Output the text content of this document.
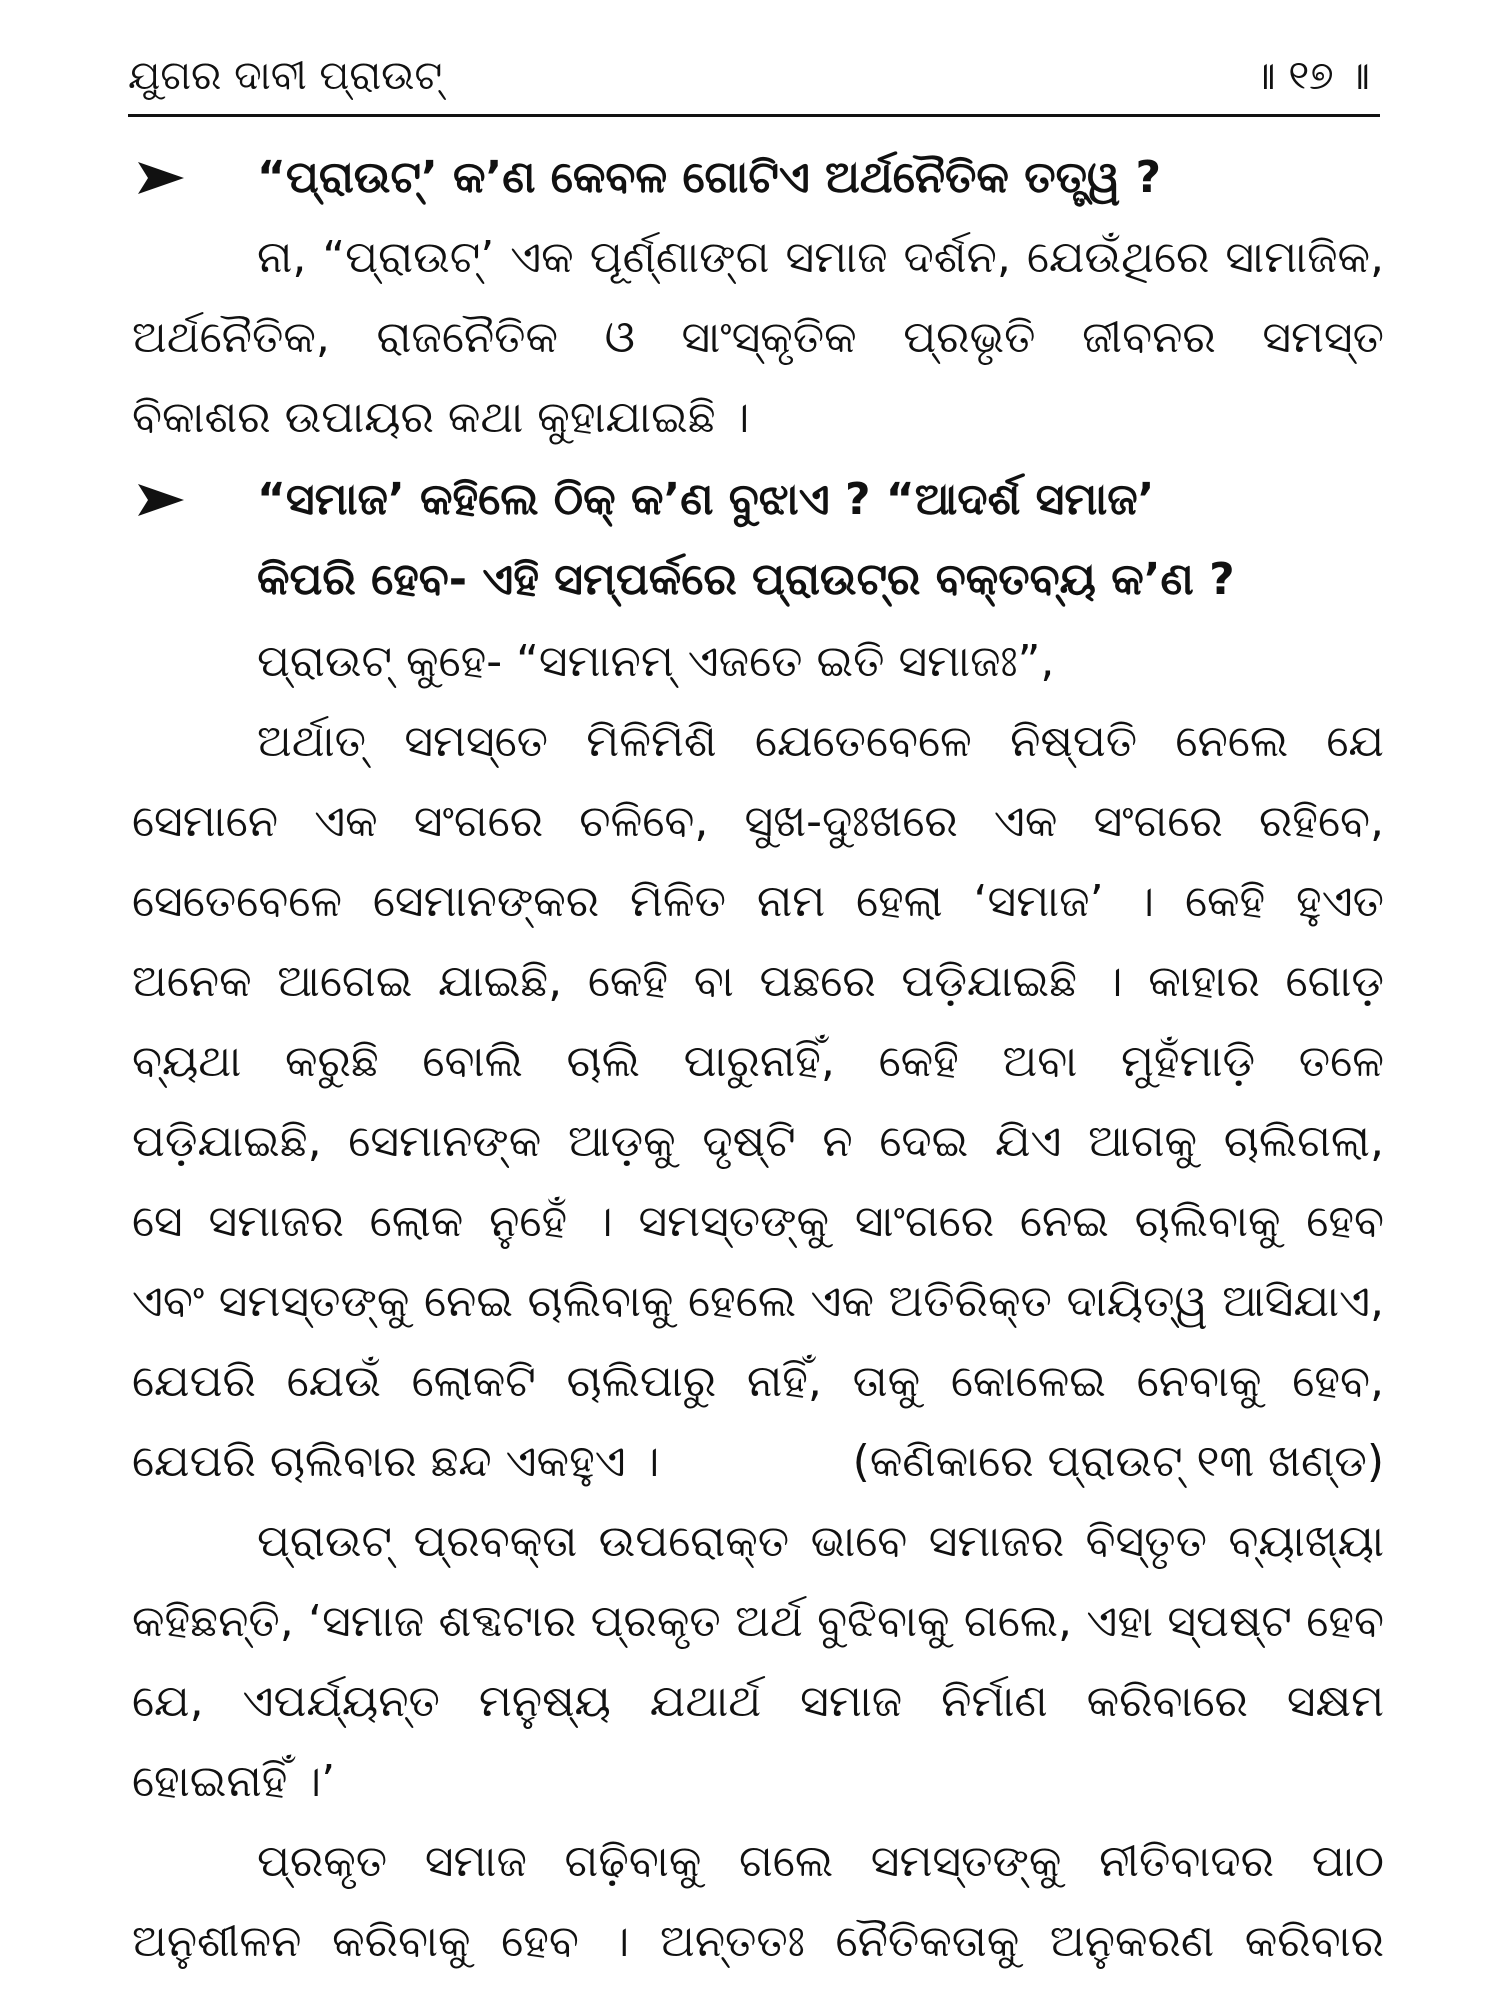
ଯୁଗର ଦାବୀ ପ୍ରାଉଟ୍	॥ ୧୭ ॥
“ପ୍ରାଉଟ୍’ କ’ଣ କେବଳ ଗୋଟିଏ ଅର୍ଥନୈତିକ ତତ୍ତ୍ୱ ?
ନା, “ପ୍ରାଉଟ୍’ ଏକ ପୂର୍ଣ୍ଣାଙ୍ଗ ସମାଜ ଦର୍ଶନ, ଯେଉଁଥିରେ ସାମାଜିକ,
ଅର୍ଥନୈତିକ, ରାଜନୈତିକ ଓ ସାଂସ୍କୃତିକ ପ୍ରଭୃତି ଜୀବନର ସମସ୍ତ
ବିକାଶର ଉପାୟର କଥା କୁହାଯାଇଛି ।
“ସମାଜ’ କହିଲେ ଠିକ୍ କ’ଣ ବୁଝାଏ ? “ଆଦର୍ଶ ସମାଜ’
କିପରି ହେବ- ଏହି ସମ୍ପର୍କରେ ପ୍ରାଉଟ୍‌ର ବକ୍ତବ୍ୟ କ’ଣ ?
ପ୍ରାଉଟ୍ କୁହେ- “ସମାନମ୍ ଏଜତେ ଇତି ସମାଜଃ”,
ଅର୍ଥାତ୍ ସମସ୍ତେ ମିଳିମିଶି ଯେତେବେଳେ ନିଷ୍ପତି ନେଲେ ଯେ
ସେମାନେ ଏକ ସଂଗରେ ଚଳିବେ, ସୁଖ-ଦୁଃଖରେ ଏକ ସଂଗରେ ରହିବେ,
ସେତେବେଳେ ସେମାନଙ୍କର ମିଳିତ ନାମ ହେଲା ‘ସମାଜ’ । କେହି ହୁଏତ
ଅନେକ ଆଗେଇ ଯାଇଛି, କେହି ବା ପଛରେ ପଡ଼ିଯାଇଛି । କାହାର ଗୋଡ଼
ବ୍ୟଥା କରୁଛି ବୋଲି ଚାଲି ପାରୁନାହିଁ, କେହି ଅବା ମୁହଁମାଡ଼ି ତଳେ
ପଡ଼ିଯାଇଛି, ସେମାନଙ୍କ ଆଡ଼କୁ ଦୃଷ୍ଟି ନ ଦେଇ ଯିଏ ଆଗକୁ ଚାଲିଗଲା,
ସେ ସମାଜର ଲୋକ ନୁହେଁ । ସମସ୍ତଙ୍କୁ ସାଂଗରେ ନେଇ ଚାଲିବାକୁ ହେବ
ଏବଂ ସମସ୍ତଙ୍କୁ ନେଇ ଚାଲିବାକୁ ହେଲେ ଏକ ଅତିରିକ୍ତ ଦାୟିତ୍ୱ ଆସିଯାଏ,
ଯେପରି ଯେଉଁ ଲୋକଟି ଚାଲିପାରୁ ନାହିଁ, ତାକୁ କୋଳେଇ ନେବାକୁ ହେବ,
ଯେପରି ଚାଲିବାର ଛନ୍ଦ ଏକହୁଏ ।	(କଣିକାରେ ପ୍ରାଉଟ୍ ୧୩ ଖଣ୍ଡ)
ପ୍ରାଉଟ୍ ପ୍ରବକ୍ତା ଉପରୋକ୍ତ ଭାବେ ସମାଜର ବିସ୍ତୃତ ବ୍ୟାଖ୍ୟା
କହିଛନ୍ତି, ‘ସମାଜ ଶବ୍ଦଟାର ପ୍ରକୃତ ଅର୍ଥ ବୁଝିବାକୁ ଗଲେ, ଏହା ସ୍ପଷ୍ଟ ହେବ
ଯେ, ଏପର୍ଯ୍ୟନ୍ତ ମନୁଷ୍ୟ ଯଥାର୍ଥ ସମାଜ ନିର୍ମାଣ କରିବାରେ ସକ୍ଷମ
ହୋଇନାହିଁ ।’
ପ୍ରକୃତ ସମାଜ ଗଢ଼ିବାକୁ ଗଲେ ସମସ୍ତଙ୍କୁ ନୀତିବାଦର ପାଠ
ଅନୁଶୀଳନ କରିବାକୁ ହେବ । ଅନ୍ତତଃ ନୈତିକତାକୁ ଅନୁକରଣ କରିବାର
